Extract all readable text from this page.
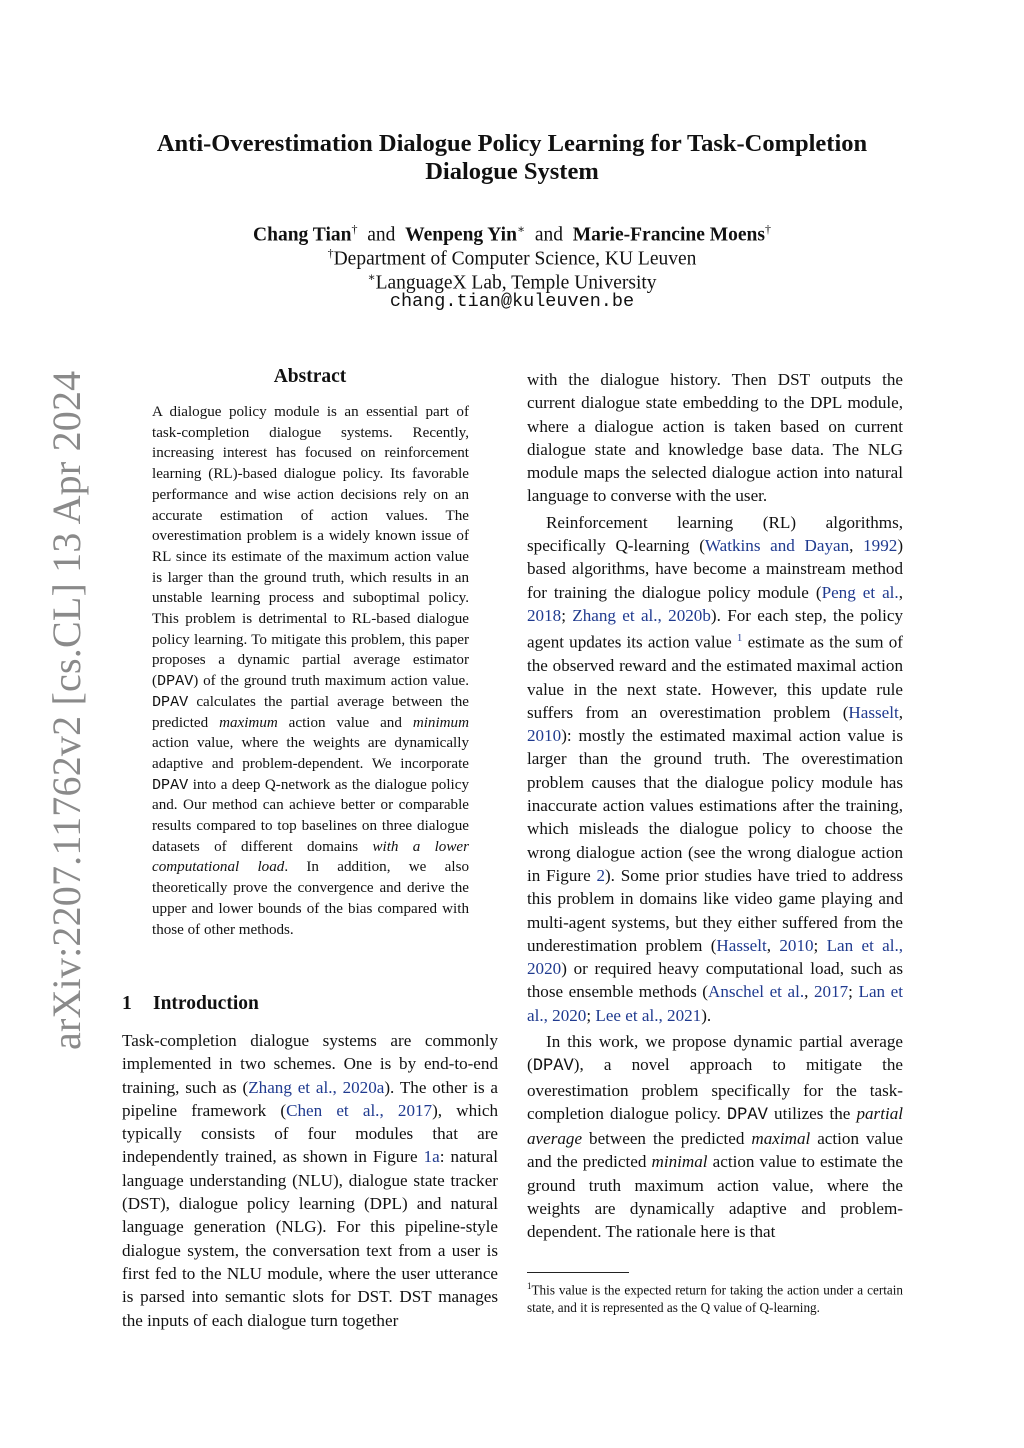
Anti-Overestimation Dialogue Policy Learning for Task-Completion
Dialogue System
Chang Tian† and Wenpeng Yin∗ and Marie-Francine Moens†
†Department of Computer Science, KU Leuven
∗LanguageX Lab, Temple University
chang.tian@kuleuven.be
arXiv:2207.11762v2 [cs.CL] 13 Apr 2024	Abstract
A dialogue policy module is an essential part of task-completion dialogue systems. Recently, increasing interest has focused on reinforcement learning (RL)-based dialogue policy. Its favorable performance and wise action decisions rely on an accurate estimation of action values. The overestimation problem is a widely known issue of RL since its estimate of the maximum action value is larger than the ground truth, which results in an unstable learning process and suboptimal policy. This problem is detrimental to RL-based dialogue policy learning. To mitigate this problem, this paper proposes a dynamic partial average estimator (DPAV) of the ground truth maximum action value. DPAV calculates the partial average between the predicted maximum action value and minimum action value, where the weights are dynamically adaptive and problem-dependent. We incorporate DPAV into a deep Q-network as the dialogue policy and. Our method can achieve better or comparable results compared to top baselines on three dialogue datasets of different domains with a lower computational load. In addition, we also theoretically prove the convergence and derive the upper and lower bounds of the bias compared with those of other methods.
1 Introduction

Task-completion dialogue systems are commonly implemented in two schemes. One is by end-to-end training, such as (Zhang et al., 2020a). The other is a pipeline framework (Chen et al., 2017), which typically consists of four modules that are independently trained, as shown in Figure 1a: natural language understanding (NLU), dialogue state tracker (DST), dialogue policy learning (DPL) and natural language generation (NLG). For this pipeline-style dialogue system, the conversation text from a user is first fed to the NLU module, where the user utterance is parsed into semantic slots for DST. DST manages the inputs of each dialogue turn together

with the dialogue history. Then DST outputs the current dialogue state embedding to the DPL module, where a dialogue action is taken based on current dialogue state and knowledge base data. The NLG module maps the selected dialogue action into natural language to converse with the user.

Reinforcement learning (RL) algorithms, specifically Q-learning (Watkins and Dayan, 1992) based algorithms, have become a mainstream method for training the dialogue policy module (Peng et al., 2018; Zhang et al., 2020b). For each step, the policy agent updates its action value $^1$ estimate as the sum of the observed reward and the estimated maximal action value in the next state. However, this update rule suffers from an overestimation problem (Hasselt, 2010): mostly the estimated maximal action value is larger than the ground truth. The overestimation problem causes that the dialogue policy module has inaccurate action values estimations after the training, which misleads the dialogue policy to choose the wrong dialogue action (see the wrong dialogue action in Figure 2). Some prior studies have tried to address this problem in domains like video game playing and multi-agent systems, but they either suffered from the underestimation problem (Hasselt, 2010; Lan et al., 2020) or required heavy computational load, such as those ensemble methods (Anschel et al., 2017; Lan et al., 2020; Lee et al., 2021).

In this work, we propose dynamic partial average (DPAV), a novel approach to mitigate the overestimation problem specifically for the task-completion dialogue policy. DPAV utilizes the partial average between the predicted maximal action value and the predicted minimal action value to estimate the ground truth maximum action value, where the weights are dynamically adaptive and problem-dependent. The rationale here is that

$^1$This value is the expected return for taking the action under a certain state, and it is represented as the Q value of Q-learning.
